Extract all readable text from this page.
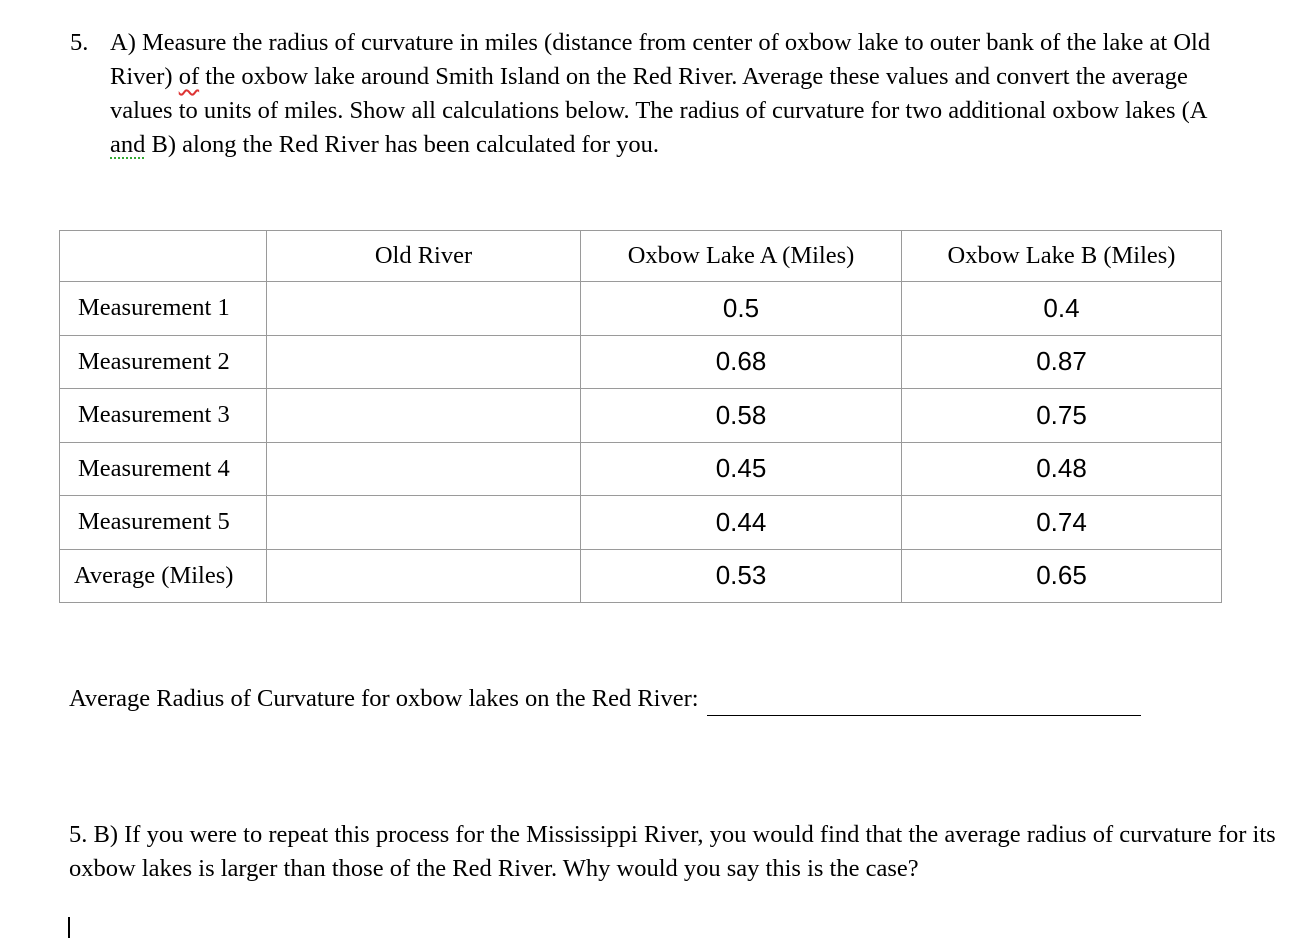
5. A) Measure the radius of curvature in miles (distance from center of oxbow lake to outer bank of the lake at Old River) of the oxbow lake around Smith Island on the Red River. Average these values and convert the average values to units of miles. Show all calculations below. The radius of curvature for two additional oxbow lakes (A and B) along the Red River has been calculated for you.
	Old River	Oxbow Lake A (Miles)	Oxbow Lake B (Miles)
Measurement 1		0.5	0.4
Measurement 2		0.68	0.87
Measurement 3		0.58	0.75
Measurement 4		0.45	0.48
Measurement 5		0.44	0.74
Average (Miles)		0.53	0.65
Average Radius of Curvature for oxbow lakes on the Red River:
5. B) If you were to repeat this process for the Mississippi River, you would find that the average radius of curvature for its oxbow lakes is larger than those of the Red River. Why would you say this is the case?
